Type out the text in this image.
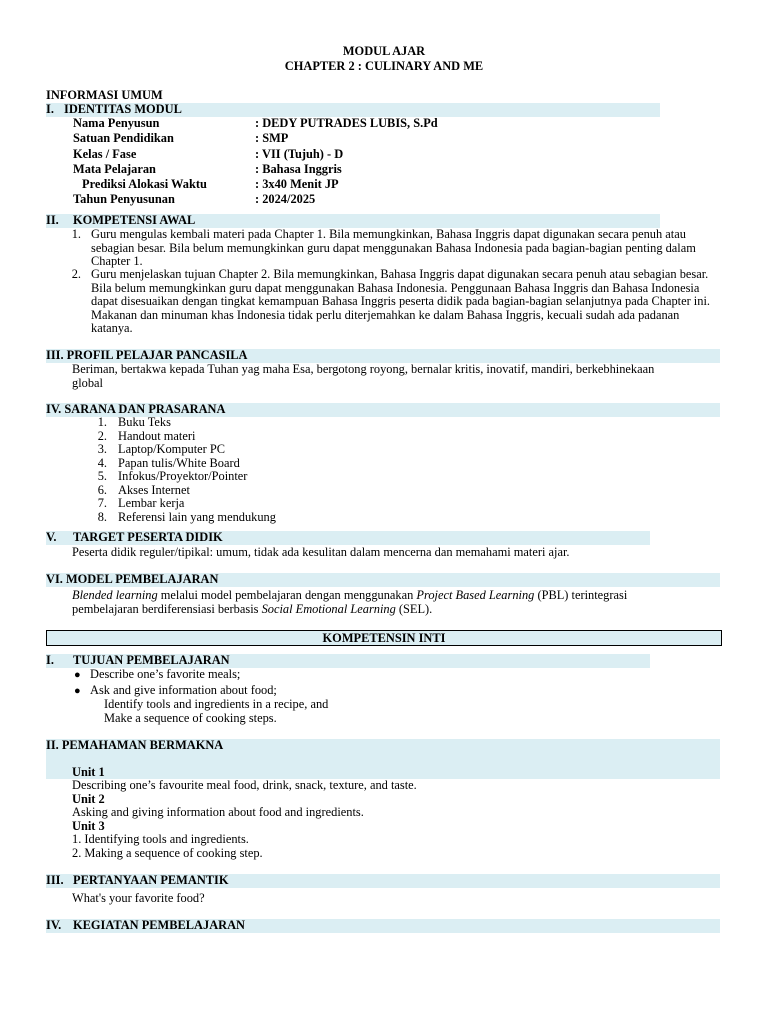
MODUL AJAR
CHAPTER 2 : CULINARY AND ME
INFORMASI UMUM
I. IDENTITAS MODUL
Nama Penyusun	: DEDY PUTRADES LUBIS, S.Pd
Satuan Pendidikan	: SMP
Kelas / Fase	: VII (Tujuh) - D
Mata Pelajaran	: Bahasa Inggris
Prediksi Alokasi Waktu	: 3x40 Menit JP
Tahun Penyusunan	: 2024/2025
II. KOMPETENSI AWAL
1. Guru mengulas kembali materi pada Chapter 1. Bila memungkinkan, Bahasa Inggris dapat digunakan secara penuh atau sebagian besar. Bila belum memungkinkan guru dapat menggunakan Bahasa Indonesia pada bagian-bagian penting dalam Chapter 1.
2. Guru menjelaskan tujuan Chapter 2. Bila memungkinkan, Bahasa Inggris dapat digunakan secara penuh atau sebagian besar. Bila belum memungkinkan guru dapat menggunakan Bahasa Indonesia. Penggunaan Bahasa Inggris dan Bahasa Indonesia dapat disesuaikan dengan tingkat kemampuan Bahasa Inggris peserta didik pada bagian-bagian selanjutnya pada Chapter ini. Makanan dan minuman khas Indonesia tidak perlu diterjemahkan ke dalam Bahasa Inggris, kecuali sudah ada padanan katanya.
III. PROFIL PELAJAR PANCASILA
Beriman, bertakwa kepada Tuhan yag maha Esa, bergotong royong, bernalar kritis, inovatif, mandiri, berkebhinekaan global
IV. SARANA DAN PRASARANA
1. Buku Teks
2. Handout materi
3. Laptop/Komputer PC
4. Papan tulis/White Board
5. Infokus/Proyektor/Pointer
6. Akses Internet
7. Lembar kerja
8. Referensi lain yang mendukung
V. TARGET PESERTA DIDIK
Peserta didik reguler/tipikal: umum, tidak ada kesulitan dalam mencerna dan memahami materi ajar.
VI. MODEL PEMBELAJARAN
Blended learning melalui model pembelajaran dengan menggunakan Project Based Learning (PBL) terintegrasi
pembelajaran berdiferensiasi berbasis Social Emotional Learning (SEL).
KOMPETENSIN INTI
I. TUJUAN PEMBELAJARAN
● Describe one’s favorite meals;
● Ask and give information about food;
Identify tools and ingredients in a recipe, and
Make a sequence of cooking steps.
II. PEMAHAMAN BERMAKNA
Unit 1
Describing one’s favourite meal food, drink, snack, texture, and taste.
Unit 2
Asking and giving information about food and ingredients.
Unit 3
1. Identifying tools and ingredients.
2. Making a sequence of cooking step.
III. PERTANYAAN PEMANTIK
What's your favorite food?
IV. KEGIATAN PEMBELAJARAN
